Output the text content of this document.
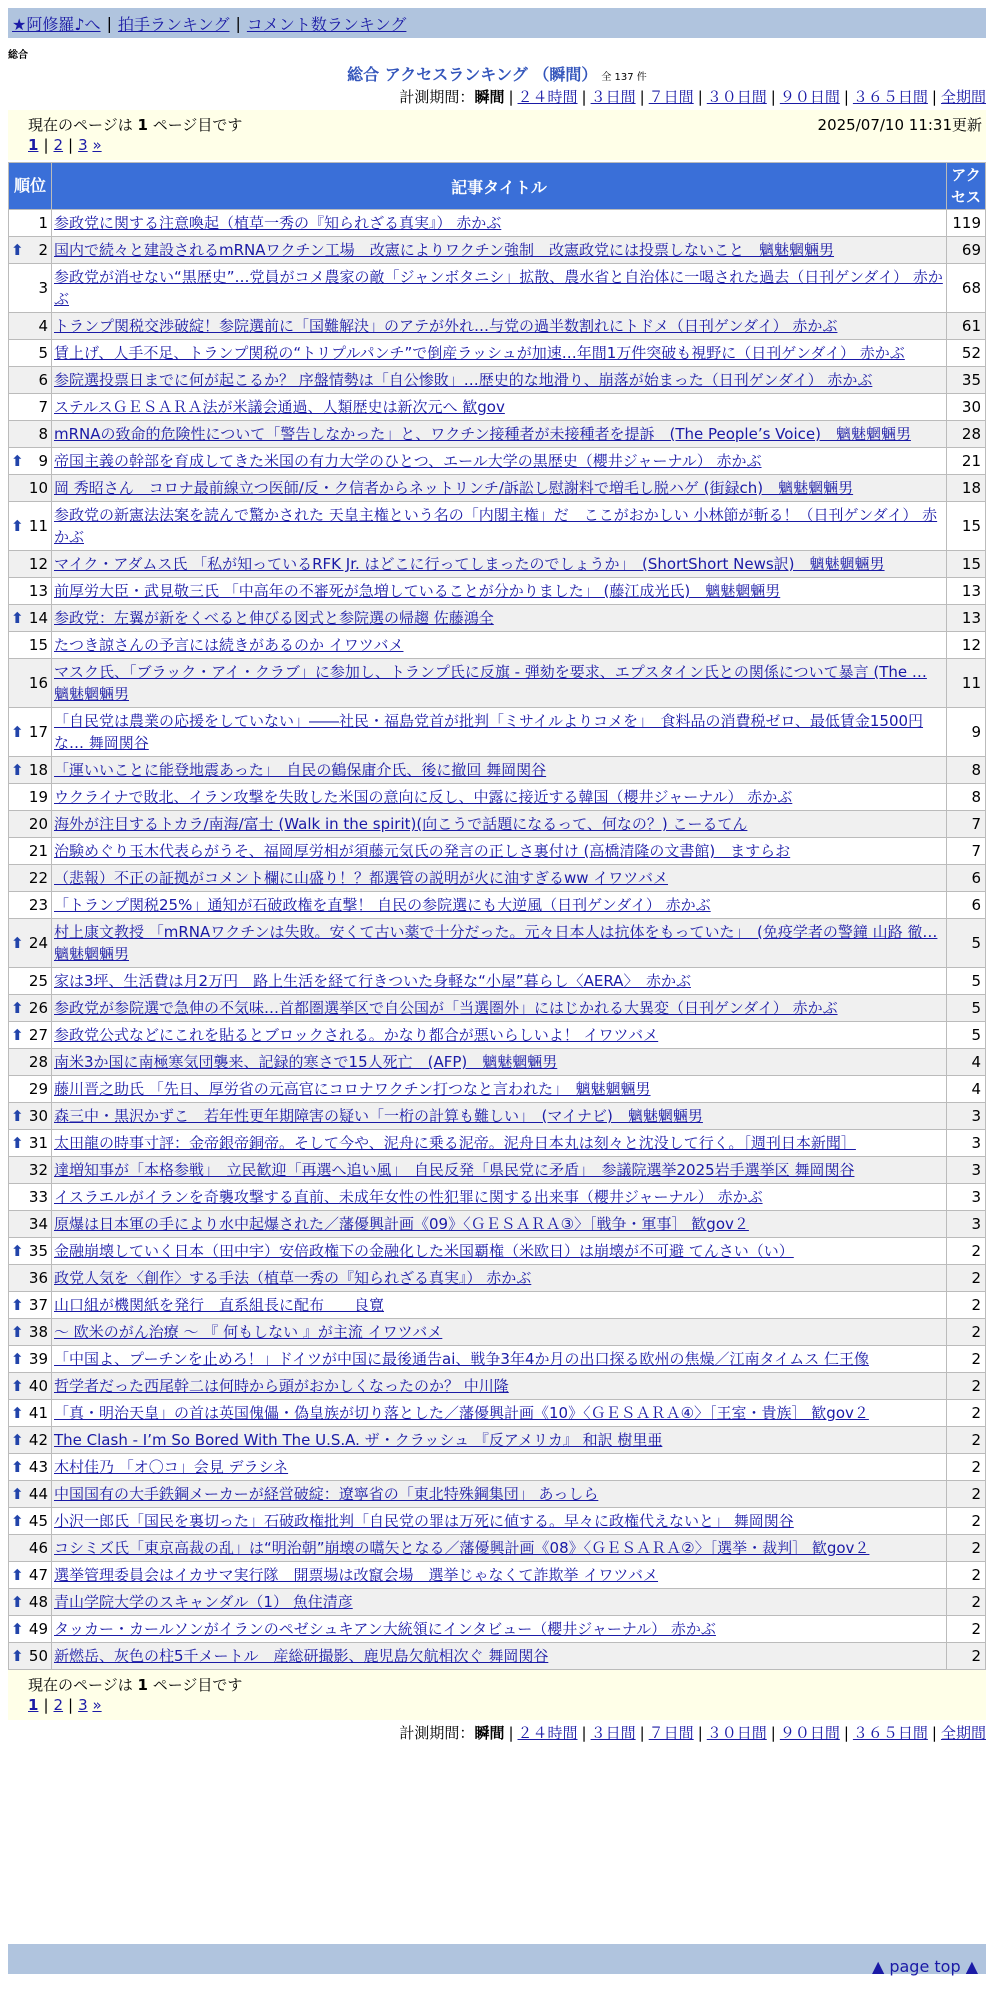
★阿修羅♪へ | 拍手ランキング | コメント数ランキング
総合
総合 アクセスランキング （瞬間） 全 137 件
計測期間：瞬間 | ２４時間 | ３日間 | ７日間 | ３０日間 | ９０日間 | ３６５日間 | 全期間
現在のページは 1 ページ目です	2025/07/10 11:31更新
1 | 2 | 3 »
順位	記事タイトル	アクセス
1	参政党に関する注意喚起（植草一秀の『知られざる真実』） 赤かぶ	119

⬆ 2	国内で続々と建設されるmRNAワクチン工場　改憲によりワクチン強制　改憲政党には投票しないこと　魑魅魍魎男	69
3	参政党が消せない“黒歴史”…党員がコメ農家の敵「ジャンボタニシ」拡散、農水省と自治体に一喝された過去（日刊ゲンダイ） 赤かぶ	68
4	トランプ関税交渉破綻！参院選前に「国難解決」のアテが外れ…与党の過半数割れにトドメ（日刊ゲンダイ） 赤かぶ	61
5	賃上げ、人手不足、トランプ関税の“トリプルパンチ”で倒産ラッシュが加速…年間1万件突破も視野に（日刊ゲンダイ） 赤かぶ	52
6	参院選投票日までに何が起こるか？ 序盤情勢は「自公惨敗」…歴史的な地滑り、崩落が始まった（日刊ゲンダイ） 赤かぶ	35
7	ステルスＧＥＳＡＲＡ法が米議会通過、人類歴史は新次元へ 歓gov	30
8	mRNAの致命的危険性について「警告しなかった」と、ワクチン接種者が未接種者を提訴　(The People’s Voice)　魑魅魍魎男	28

⬆ 9	帝国主義の幹部を育成してきた米国の有力大学のひとつ、エール大学の黒歴史（櫻井ジャーナル） 赤かぶ	21
10	岡 秀昭さん　コロナ最前線立つ医師/反・ク信者からネットリンチ/訴訟し慰謝料で増毛し脱ハゲ (街録ch)　魑魅魍魎男	18

⬆ 11	参政党の新憲法法案を読んで驚かされた 天皇主権という名の「内閣主権」だ　ここがおかしい 小林節が斬る！（日刊ゲンダイ） 赤かぶ	15
12	マイク・アダムス氏 「私が知っているRFK Jr. はどこに行ってしまったのでしょうか」　(ShortShort News訳)　魑魅魍魎男	15
13	前厚労大臣・武見敬三氏 「中高年の不審死が急増していることが分かりました」 (藤江成光氏)　魑魅魍魎男	13

⬆ 14	参政党：左翼が新をくべると伸びる図式と参院選の帰趨 佐藤鴻全	13
15	たつき諒さんの予言には続きがあるのか イワツバメ	12
16	マスク氏、「ブラック・アイ・クラブ」に参加し、トランプ氏に反旗 - 弾劾を要求、エプスタイン氏との関係について暴言 (The … 魑魅魍魎男	11

⬆ 17	「自民党は農業の応援をしていない」――社民・福島党首が批判「ミサイルよりコメを」　食料品の消費税ゼロ、最低賃金1500円な… 舞岡関谷	9

⬆ 18	「運いいことに能登地震あった」　自民の鶴保庸介氏、後に撤回 舞岡関谷	8
19	ウクライナで敗北、イラン攻撃を失敗した米国の意向に反し、中露に接近する韓国（櫻井ジャーナル） 赤かぶ	8
20	海外が注目するトカラ/南海/富士 (Walk in the spirit)(向こうで話題になるって、何なの？) こーるてん	7
21	治験めぐり玉木代表らがうそ、福岡厚労相が須藤元気氏の発言の正しさ裏付け (高橋清隆の文書館)　ますらお	7
22	（悲報）不正の証拠がコメント欄に山盛り！？都選管の説明が火に油すぎるww イワツバメ	6
23	「トランプ関税25%」通知が石破政権を直撃！ 自民の参院選にも大逆風（日刊ゲンダイ） 赤かぶ	6

⬆ 24	村上康文教授 「mRNAワクチンは失敗。安くて古い薬で十分だった。元々日本人は抗体をもっていた」　(免疫学者の警鐘 山路 徹… 魑魅魍魎男	5
25	家は3坪、生活費は月2万円　路上生活を経て行きついた身軽な“小屋”暮らし〈AERA〉　赤かぶ	5

⬆ 26	参政党が参院選で急伸の不気味…首都圏選挙区で自公国が「当選圏外」にはじかれる大異変（日刊ゲンダイ） 赤かぶ	5

⬆ 27	参政党公式などにこれを貼るとブロックされる。かなり都合が悪いらしいよ！ イワツバメ	5
28	南米3か国に南極寒気団襲来、記録的寒さで15人死亡　(AFP)　魑魅魍魎男	4
29	藤川晋之助氏 「先日、厚労省の元高官にコロナワクチン打つなと言われた」　魑魅魍魎男	4

⬆ 30	森三中・黒沢かずこ　若年性更年期障害の疑い「一桁の計算も難しい」　(マイナビ)　魑魅魍魎男	3

⬆ 31	太田龍の時事寸評：金帝銀帝銅帝。そして今や、泥舟に乗る泥帝。泥舟日本丸は刻々と沈没して行く。［週刊日本新聞］	3
32	達増知事が「本格参戦」　立民歓迎「再選へ追い風」　自民反発「県民党に矛盾」　参議院選挙2025岩手選挙区 舞岡関谷	3
33	イスラエルがイランを奇襲攻撃する直前、未成年女性の性犯罪に関する出来事（櫻井ジャーナル） 赤かぶ	3
34	原爆は日本軍の手により水中起爆された／藩優興計画《09》〈ＧＥＳＡＲＡ③〉［戦争・軍事］ 歓gov２	3

⬆ 35	金融崩壊していく日本（田中宇）安倍政権下の金融化した米国覇権（米欧日）は崩壊が不可避 てんさい（い）	2
36	政党人気を〈創作〉する手法（植草一秀の『知られざる真実』） 赤かぶ	2

⬆ 37	山口組が機関紙を発行　直系組長に配布　　良寛	2

⬆ 38	～ 欧米のがん治療 ～ 『 何もしない 』が主流 イワツバメ	2

⬆ 39	「中国よ、プーチンを止めろ！」ドイツが中国に最後通告ai、戦争3年4か月の出口探る欧州の焦燥／江南タイムス 仁王像	2

⬆ 40	哲学者だった西尾幹二は何時から頭がおかしくなったのか？ 中川隆	2

⬆ 41	「真・明治天皇」の首は英国傀儡・偽皇族が切り落とした／藩優興計画《10》〈ＧＥＳＡＲＡ④〉［王室・貴族］ 歓gov２	2

⬆ 42	The Clash - I’m So Bored With The U.S.A. ザ・クラッシュ 『反アメリカ』 和訳 樹里亜	2

⬆ 43	木村佳乃 「オ〇コ」会見 デラシネ	2

⬆ 44	中国国有の大手鉄鋼メーカーが経営破綻：遼寧省の「東北特殊鋼集団」 あっしら	2

⬆ 45	小沢一郎氏「国民を裏切った」石破政権批判「自民党の罪は万死に値する。早々に政権代えないと」 舞岡関谷	2
46	コシミズ氏「東京高裁の乱」は“明治朝”崩壊の嚆矢となる／藩優興計画《08》〈ＧＥＳＡＲＡ②〉［選挙・裁判］ 歓gov２	2

⬆ 47	選挙管理委員会はイカサマ実行隊　開票場は改竄会場　選挙じゃなくて詐欺挙 イワツバメ	2

⬆ 48	青山学院大学のスキャンダル（1） 魚住清彦	2

⬆ 49	タッカー・カールソンがイランのペゼシュキアン大統領にインタビュー（櫻井ジャーナル） 赤かぶ	2

⬆ 50	新燃岳、灰色の柱5千メートル　産総研撮影、鹿児島欠航相次ぐ 舞岡関谷	2
現在のページは 1 ページ目です
1 | 2 | 3 »
計測期間：瞬間 | ２４時間 | ３日間 | ７日間 | ３０日間 | ９０日間 | ３６５日間 | 全期間
▲ page top ▲
